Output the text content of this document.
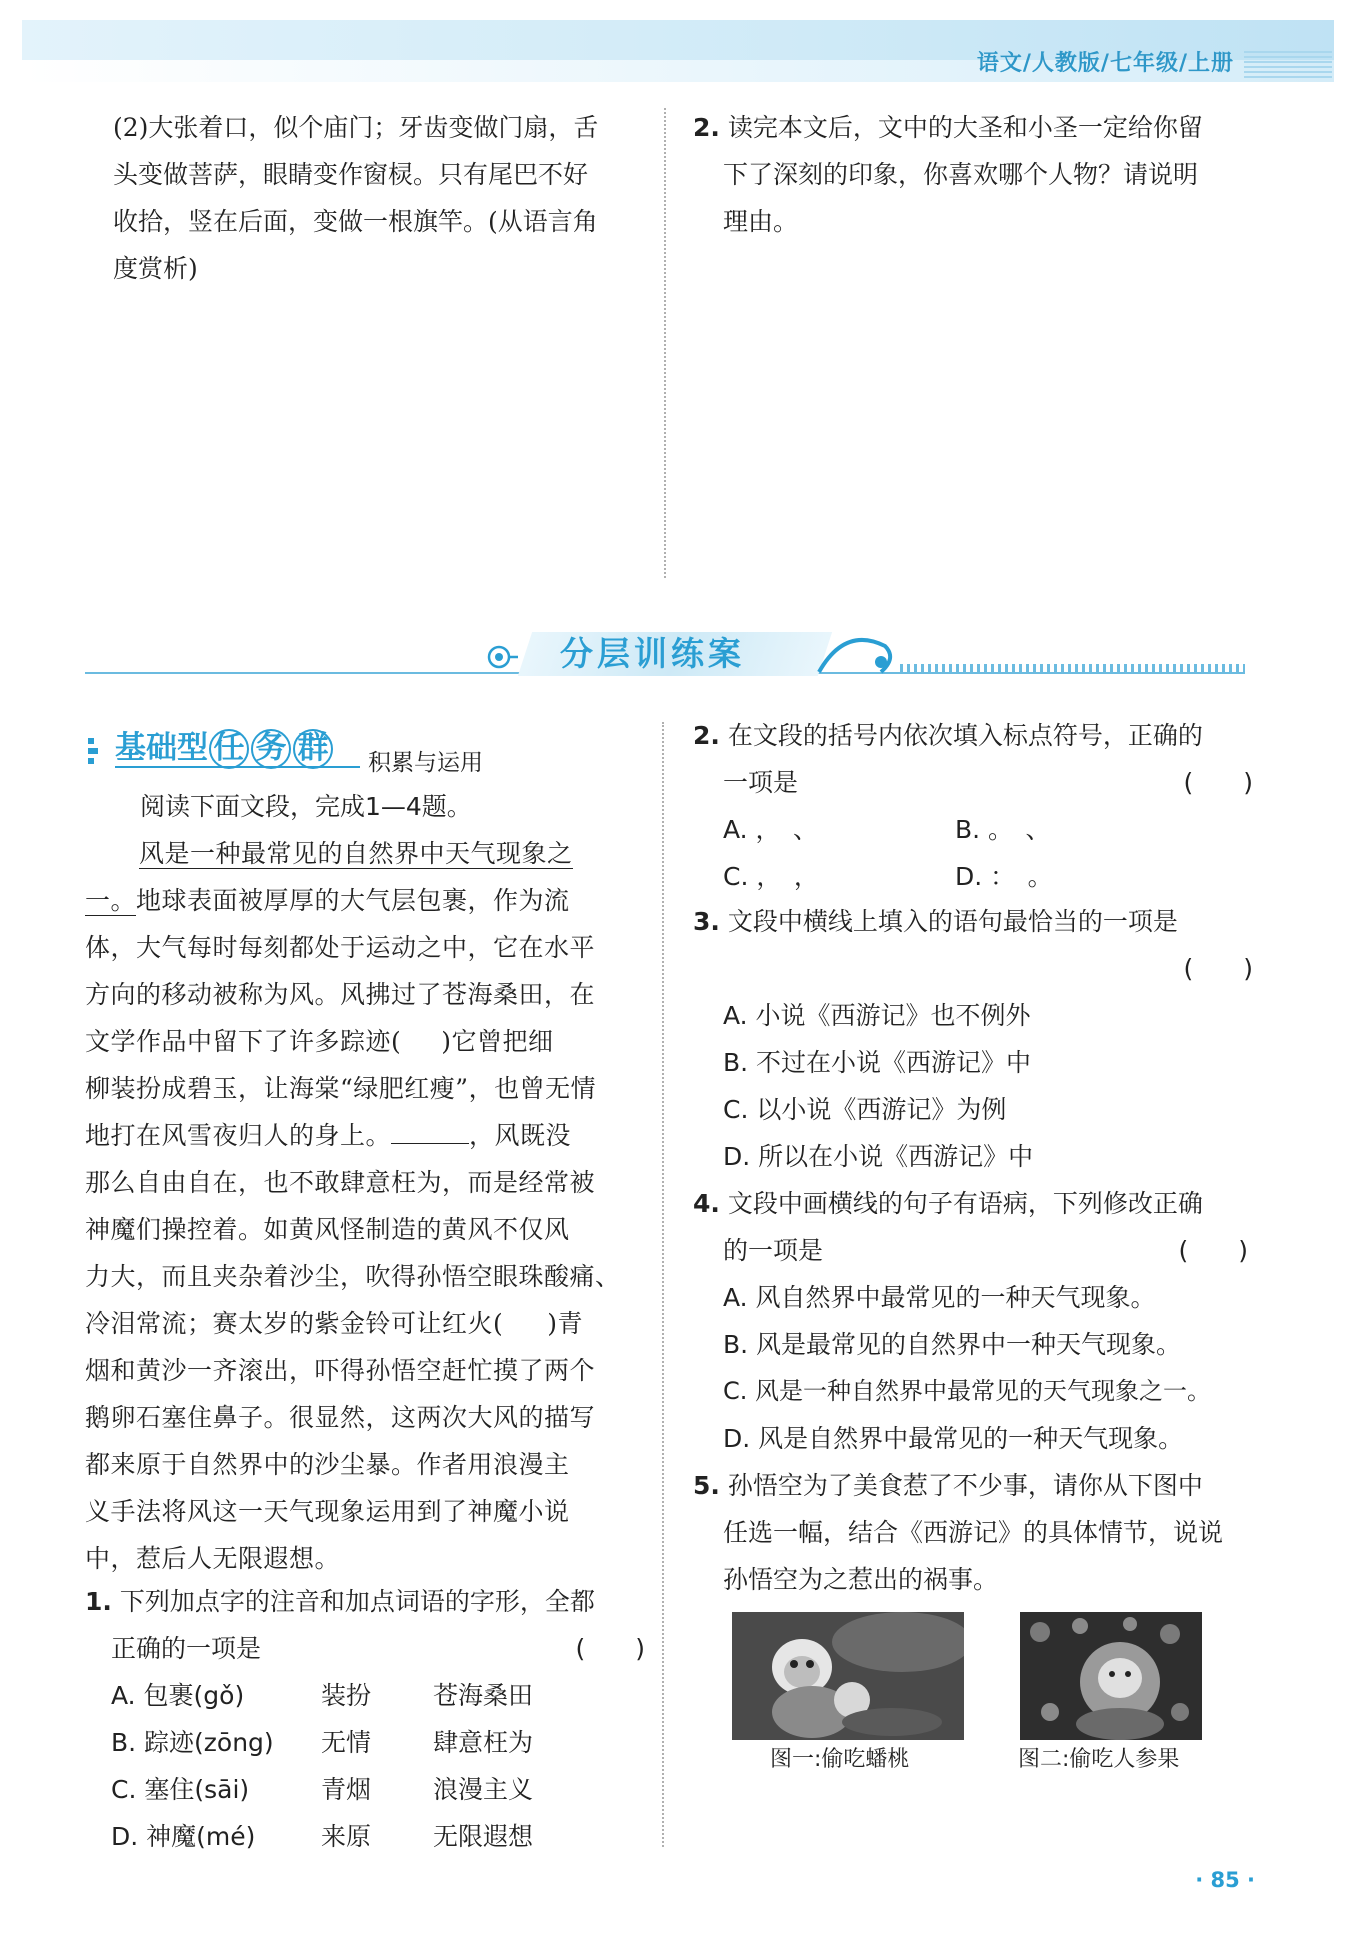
语文/人教版/七年级/上册

(2)大张着口，似个庙门；牙齿变做门扇，舌

头变做菩萨，眼睛变作窗棂。只有尾巴不好

收拾，竖在后面，变做一根旗竿。(从语言角

度赏析)

2. 读完本文后，文中的大圣和小圣一定给你留

下了深刻的印象，你喜欢哪个人物？请说明

理由。

分层训练案
基础型 任 务 群 积累与运用
阅读下面文段，完成1—4题。

风是一种最常见的自然界中天气现象之

一。地球表面被厚厚的大气层包裹，作为流

体，大气每时每刻都处于运动之中，它在水平

方向的移动被称为风。风拂过了苍海桑田，在

文学作品中留下了许多踪迹( )它曾把细

柳装扮成碧玉，让海棠“绿肥红瘦”，也曾无情

地打在风雪夜归人的身上。	，风既没

那么自由自在，也不敢肆意枉为，而是经常被

神魔们操控着。如黄风怪制造的黄风不仅风

力大，而且夹杂着沙尘，吹得孙悟空眼珠酸痛、

冷泪常流；赛太岁的紫金铃可让红火( )青

烟和黄沙一齐滚出，吓得孙悟空赶忙摸了两个

鹅卵石塞住鼻子。很显然，这两次大风的描写

都来原于自然界中的沙尘暴。作者用浪漫主

义手法将风这一天气现象运用到了神魔小说

中，惹后人无限遐想。

1. 下列加点字的注音和加点词语的字形，全都

正确的一项是	(　　)

A. 包裹(gǒ)	装扮	苍海桑田
B. 踪迹(zōng)	无情	肆意枉为
C. 塞住(sāi)	青烟	浪漫主义
D. 神魔(mé)	来原	无限遐想

2. 在文段的括号内依次填入标点符号，正确的

一项是	(　　)

A. ，　、	B. 。　、
C. ，　，	D. ：　。

3. 文段中横线上填入的语句最恰当的一项是

(　　)

A. 小说《西游记》也不例外

B. 不过在小说《西游记》中

C. 以小说《西游记》为例

D. 所以在小说《西游记》中

4. 文段中画横线的句子有语病，下列修改正确

的一项是	(　　)

A. 风自然界中最常见的一种天气现象。

B. 风是最常见的自然界中一种天气现象。

C. 风是一种自然界中最常见的天气现象之一。

D. 风是自然界中最常见的一种天气现象。

5. 孙悟空为了美食惹了不少事，请你从下图中

任选一幅，结合《西游记》的具体情节，说说

孙悟空为之惹出的祸事。

图一:偷吃蟠桃	图二:偷吃人参果
· 85 ·
